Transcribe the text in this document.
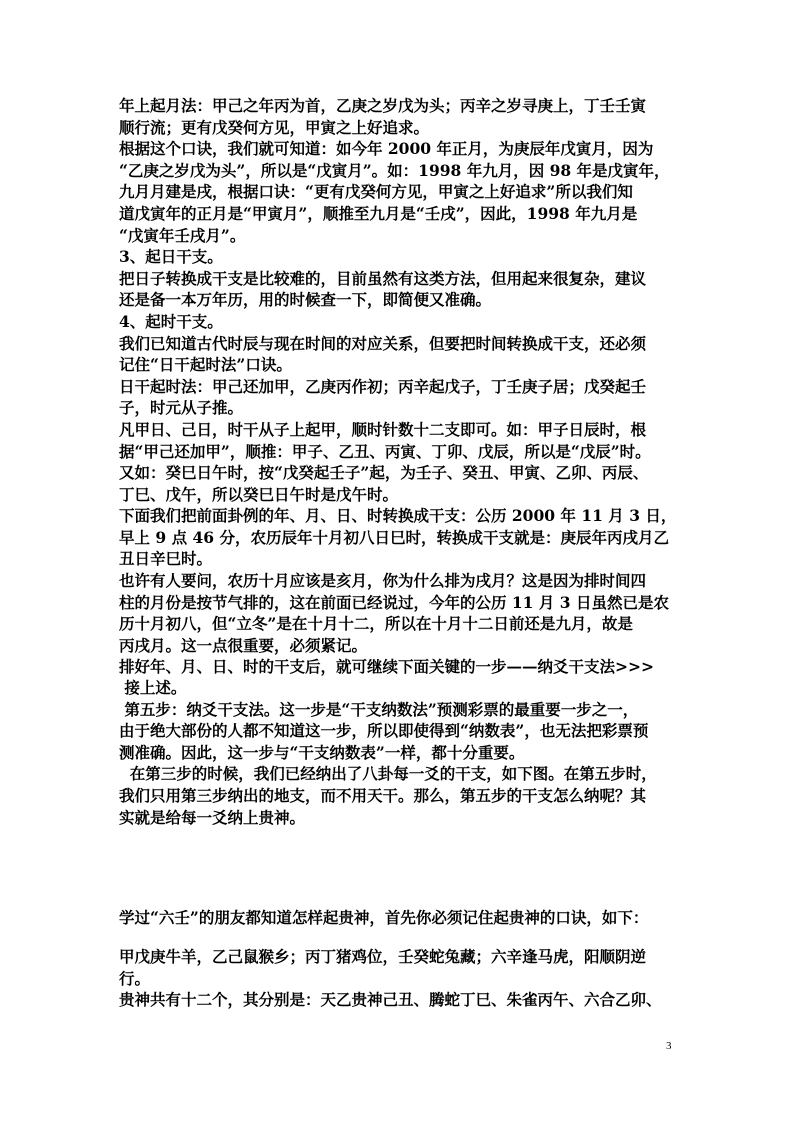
年上起月法：甲己之年丙为首，乙庚之岁戊为头；丙辛之岁寻庚上，丁壬壬寅
顺行流；更有戊癸何方见，甲寅之上好追求。
根据这个口诀，我们就可知道：如今年 2000 年正月，为庚辰年戊寅月，因为
“乙庚之岁戊为头”，所以是“戊寅月”。如：1998 年九月，因 98 年是戊寅年，
九月月建是戌，根据口诀：“更有戊癸何方见，甲寅之上好追求”所以我们知
道戊寅年的正月是“甲寅月”，顺推至九月是“壬戌”，因此，1998 年九月是
“戊寅年壬戌月”。
3、起日干支。
把日子转换成干支是比较难的，目前虽然有这类方法，但用起来很复杂，建议
还是备一本万年历，用的时候查一下，即简便又准确。
4、起时干支。
我们已知道古代时辰与现在时间的对应关系，但要把时间转换成干支，还必须
记住“日干起时法”口诀。
日干起时法：甲己还加甲，乙庚丙作初；丙辛起戊子，丁壬庚子居；戊癸起壬
子，时元从子推。
凡甲日、己日，时干从子上起甲，顺时针数十二支即可。如：甲子日辰时，根
据“甲己还加甲”，顺推：甲子、乙丑、丙寅、丁卯、戊辰，所以是“戊辰”时。
又如：癸巳日午时，按“戊癸起壬子”起，为壬子、癸丑、甲寅、乙卯、丙辰、
丁巳、戊午，所以癸巳日午时是戊午时。
下面我们把前面卦例的年、月、日、时转换成干支：公历 2000 年 11 月 3 日，
早上 9 点 46 分，农历辰年十月初八日巳时，转换成干支就是：庚辰年丙戌月乙
丑日辛巳时。
也许有人要问，农历十月应该是亥月，你为什么排为戌月？这是因为排时间四
柱的月份是按节气排的，这在前面已经说过，今年的公历 11 月 3 日虽然已是农
历十月初八，但“立冬”是在十月十二，所以在十月十二日前还是九月，故是
丙戌月。这一点很重要，必须紧记。
排好年、月、日、时的干支后，就可继续下面关键的一步——纳爻干支法>>>
接上述。
第五步：纳爻干支法。这一步是“干支纳数法”预测彩票的最重要一步之一，
由于绝大部份的人都不知道这一步，所以即使得到“纳数表”，也无法把彩票预
测准确。因此，这一步与“干支纳数表”一样，都十分重要。
在第三步的时候，我们已经纳出了八卦每一爻的干支，如下图。在第五步时，
我们只用第三步纳出的地支，而不用天干。那么，第五步的干支怎么纳呢？其
实就是给每一爻纳上贵神。
学过“六壬”的朋友都知道怎样起贵神，首先你必须记住起贵神的口诀，如下：
甲戊庚牛羊，乙己鼠猴乡；丙丁猪鸡位，壬癸蛇兔藏；六辛逢马虎，阳顺阴逆
行。
贵神共有十二个，其分别是：天乙贵神己丑、腾蛇丁巳、朱雀丙午、六合乙卯、
3
